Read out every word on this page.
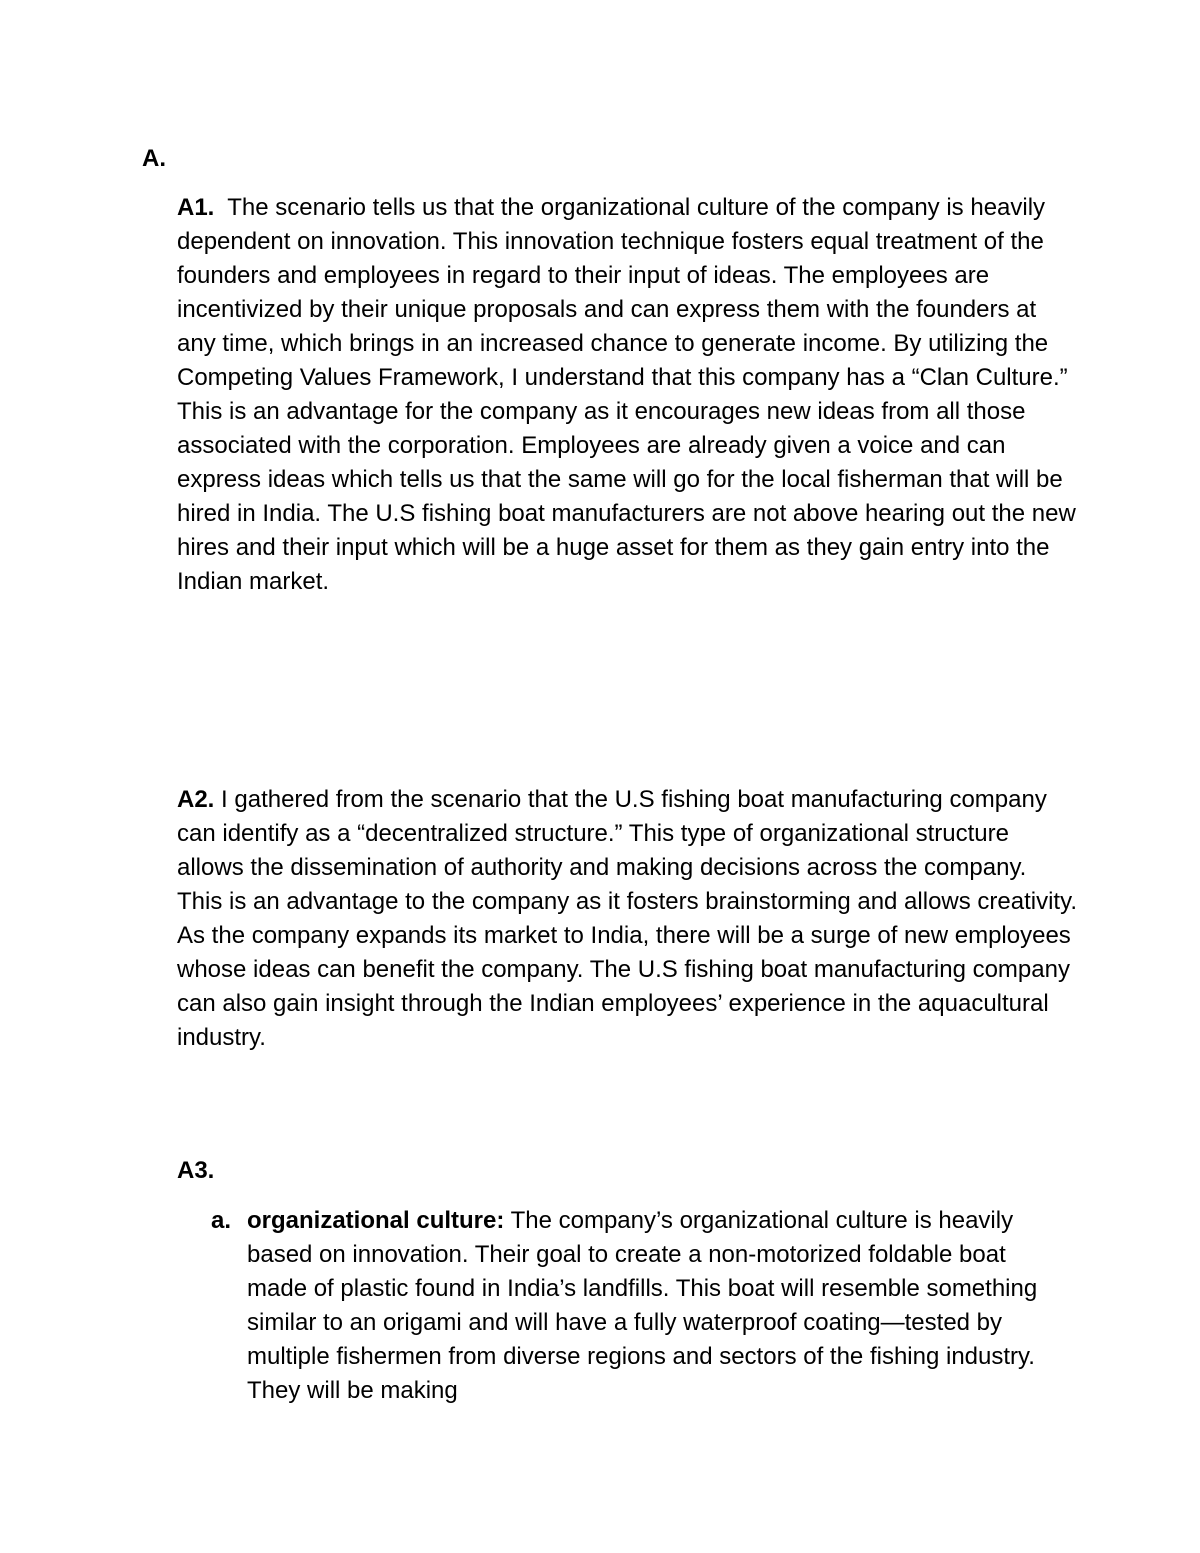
A.

A1. The scenario tells us that the organizational culture of the company is heavily dependent on innovation. This innovation technique fosters equal treatment of the founders and employees in regard to their input of ideas. The employees are incentivized by their unique proposals and can express them with the founders at any time, which brings in an increased chance to generate income. By utilizing the Competing Values Framework, I understand that this company has a “Clan Culture.” This is an advantage for the company as it encourages new ideas from all those associated with the corporation. Employees are already given a voice and can express ideas which tells us that the same will go for the local fisherman that will be hired in India. The U.S fishing boat manufacturers are not above hearing out the new hires and their input which will be a huge asset for them as they gain entry into the Indian market.

A2. I gathered from the scenario that the U.S fishing boat manufacturing company can identify as a “decentralized structure.” This type of organizational structure allows the dissemination of authority and making decisions across the company. This is an advantage to the company as it fosters brainstorming and allows creativity. As the company expands its market to India, there will be a surge of new employees whose ideas can benefit the company. The U.S fishing boat manufacturing company can also gain insight through the Indian employees’ experience in the aquacultural industry.

A3.
a. organizational culture: The company’s organizational culture is heavily based on innovation. Their goal to create a non-motorized foldable boat made of plastic found in India’s landfills. This boat will resemble something similar to an origami and will have a fully waterproof coating—tested by multiple fishermen from diverse regions and sectors of the fishing industry. They will be making
